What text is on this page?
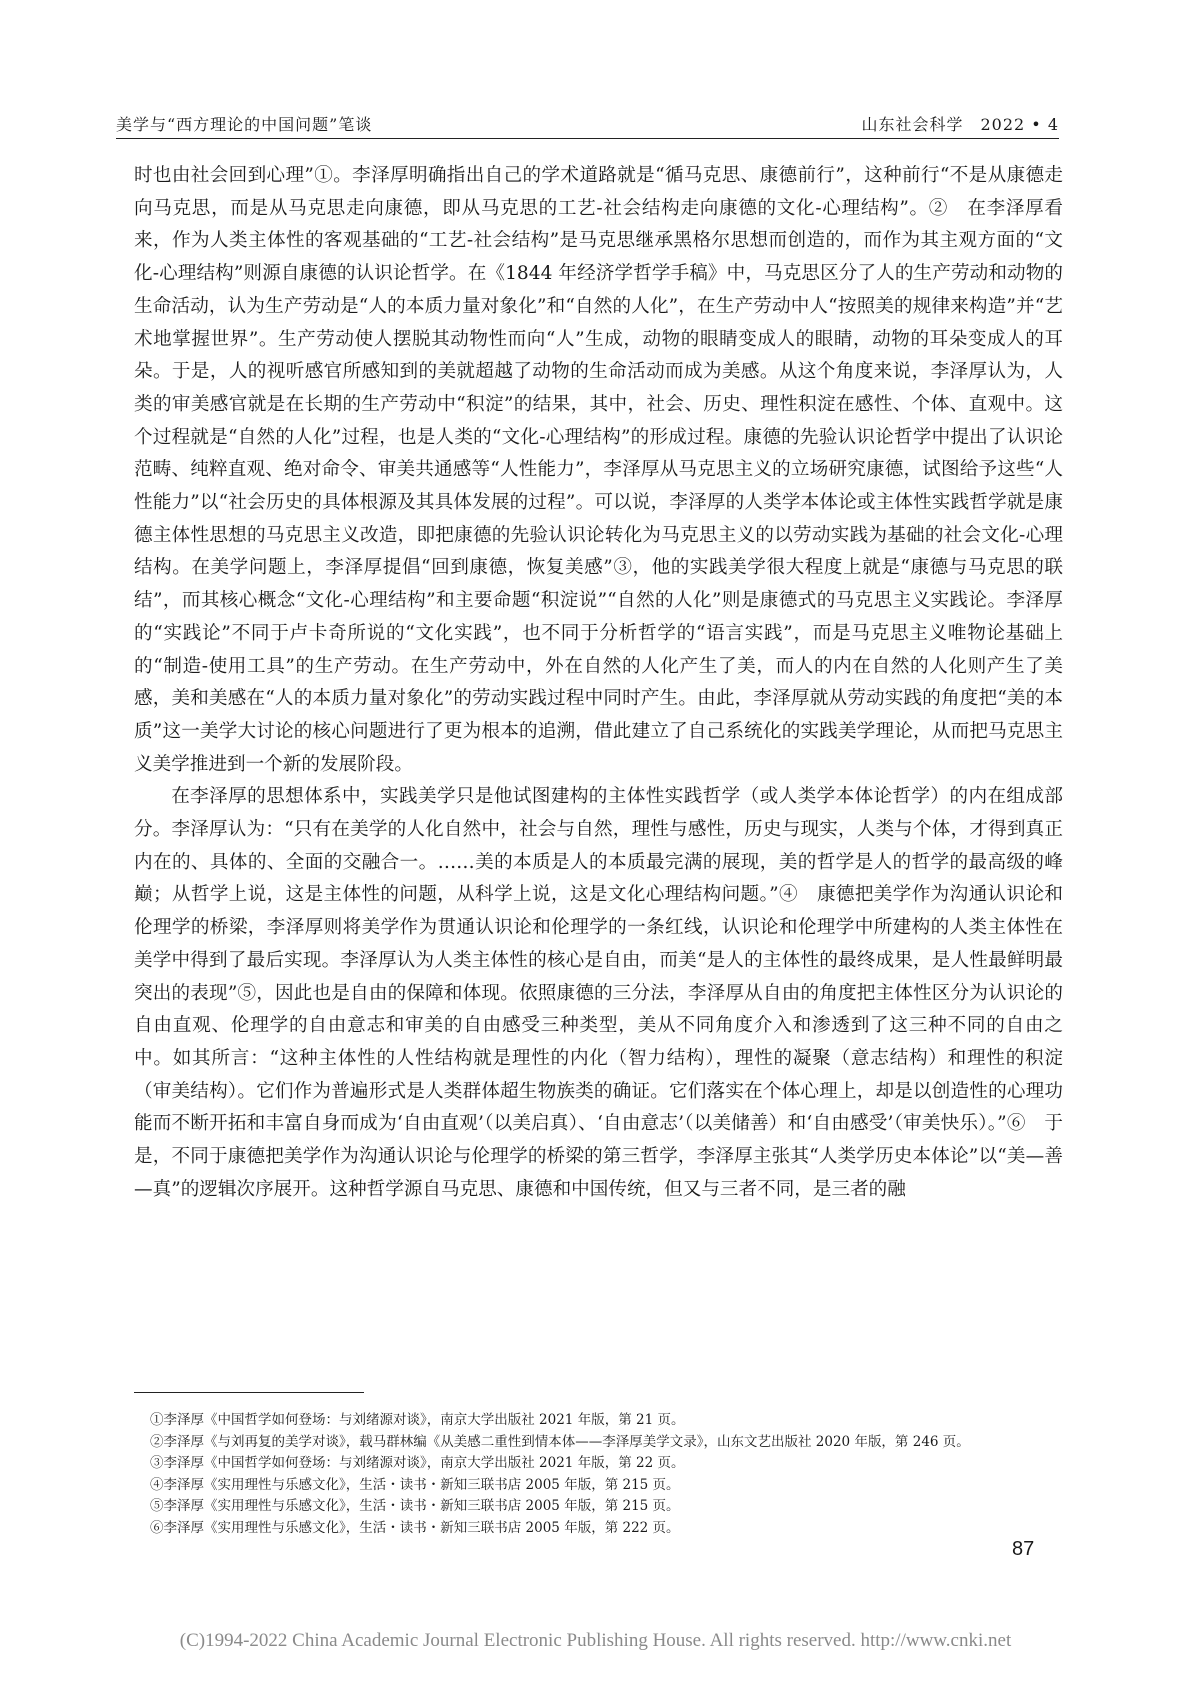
美学与“西方理论的中国问题”笔谈	山东社会科学　2022 • 4

时也由社会回到心理”①。李泽厚明确指出自己的学术道路就是“循马克思、康德前行”，这种前行“不是从康德走向马克思，而是从马克思走向康德，即从马克思的工艺-社会结构走向康德的文化-心理结构”。②　在李泽厚看来，作为人类主体性的客观基础的“工艺-社会结构”是马克思继承黑格尔思想而创造的，而作为其主观方面的“文化-心理结构”则源自康德的认识论哲学。在《1844 年经济学哲学手稿》中，马克思区分了人的生产劳动和动物的生命活动，认为生产劳动是“人的本质力量对象化”和“自然的人化”，在生产劳动中人“按照美的规律来构造”并“艺术地掌握世界”。生产劳动使人摆脱其动物性而向“人”生成，动物的眼睛变成人的眼睛，动物的耳朵变成人的耳朵。于是，人的视听感官所感知到的美就超越了动物的生命活动而成为美感。从这个角度来说，李泽厚认为，人类的审美感官就是在长期的生产劳动中“积淀”的结果，其中，社会、历史、理性积淀在感性、个体、直观中。这个过程就是“自然的人化”过程，也是人类的“文化-心理结构”的形成过程。康德的先验认识论哲学中提出了认识论范畴、纯粹直观、绝对命令、审美共通感等“人性能力”，李泽厚从马克思主义的立场研究康德，试图给予这些“人性能力”以“社会历史的具体根源及其具体发展的过程”。可以说，李泽厚的人类学本体论或主体性实践哲学就是康德主体性思想的马克思主义改造，即把康德的先验认识论转化为马克思主义的以劳动实践为基础的社会文化-心理结构。在美学问题上，李泽厚提倡“回到康德，恢复美感”③，他的实践美学很大程度上就是“康德与马克思的联结”，而其核心概念“文化-心理结构”和主要命题“积淀说”“自然的人化”则是康德式的马克思主义实践论。李泽厚的“实践论”不同于卢卡奇所说的“文化实践”，也不同于分析哲学的“语言实践”，而是马克思主义唯物论基础上的“制造-使用工具”的生产劳动。在生产劳动中，外在自然的人化产生了美，而人的内在自然的人化则产生了美感，美和美感在“人的本质力量对象化”的劳动实践过程中同时产生。由此，李泽厚就从劳动实践的角度把“美的本质”这一美学大讨论的核心问题进行了更为根本的追溯，借此建立了自己系统化的实践美学理论，从而把马克思主义美学推进到一个新的发展阶段。

在李泽厚的思想体系中，实践美学只是他试图建构的主体性实践哲学（或人类学本体论哲学）的内在组成部分。李泽厚认为：“只有在美学的人化自然中，社会与自然，理性与感性，历史与现实，人类与个体，才得到真正内在的、具体的、全面的交融合一。……美的本质是人的本质最完满的展现，美的哲学是人的哲学的最高级的峰巅；从哲学上说，这是主体性的问题，从科学上说，这是文化心理结构问题。”④　康德把美学作为沟通认识论和伦理学的桥梁，李泽厚则将美学作为贯通认识论和伦理学的一条红线，认识论和伦理学中所建构的人类主体性在美学中得到了最后实现。李泽厚认为人类主体性的核心是自由，而美“是人的主体性的最终成果，是人性最鲜明最突出的表现”⑤，因此也是自由的保障和体现。依照康德的三分法，李泽厚从自由的角度把主体性区分为认识论的自由直观、伦理学的自由意志和审美的自由感受三种类型，美从不同角度介入和渗透到了这三种不同的自由之中。如其所言：“这种主体性的人性结构就是理性的内化（智力结构），理性的凝聚（意志结构）和理性的积淀（审美结构）。它们作为普遍形式是人类群体超生物族类的确证。它们落实在个体心理上，却是以创造性的心理功能而不断开拓和丰富自身而成为‘自由直观’（以美启真）、‘自由意志’（以美储善）和‘自由感受’（审美快乐）。”⑥　于是，不同于康德把美学作为沟通认识论与伦理学的桥梁的第三哲学，李泽厚主张其“人类学历史本体论”以“美—善—真”的逻辑次序展开。这种哲学源自马克思、康德和中国传统，但又与三者不同，是三者的融

①李泽厚《中国哲学如何登场：与刘绪源对谈》，南京大学出版社 2021 年版，第 21 页。
②李泽厚《与刘再复的美学对谈》，载马群林编《从美感二重性到情本体——李泽厚美学文录》，山东文艺出版社 2020 年版，第 246 页。
③李泽厚《中国哲学如何登场：与刘绪源对谈》，南京大学出版社 2021 年版，第 22 页。
④李泽厚《实用理性与乐感文化》，生活・读书・新知三联书店 2005 年版，第 215 页。
⑤李泽厚《实用理性与乐感文化》，生活・读书・新知三联书店 2005 年版，第 215 页。
⑥李泽厚《实用理性与乐感文化》，生活・读书・新知三联书店 2005 年版，第 222 页。
87
(C)1994-2022 China Academic Journal Electronic Publishing House. All rights reserved. http://www.cnki.net
